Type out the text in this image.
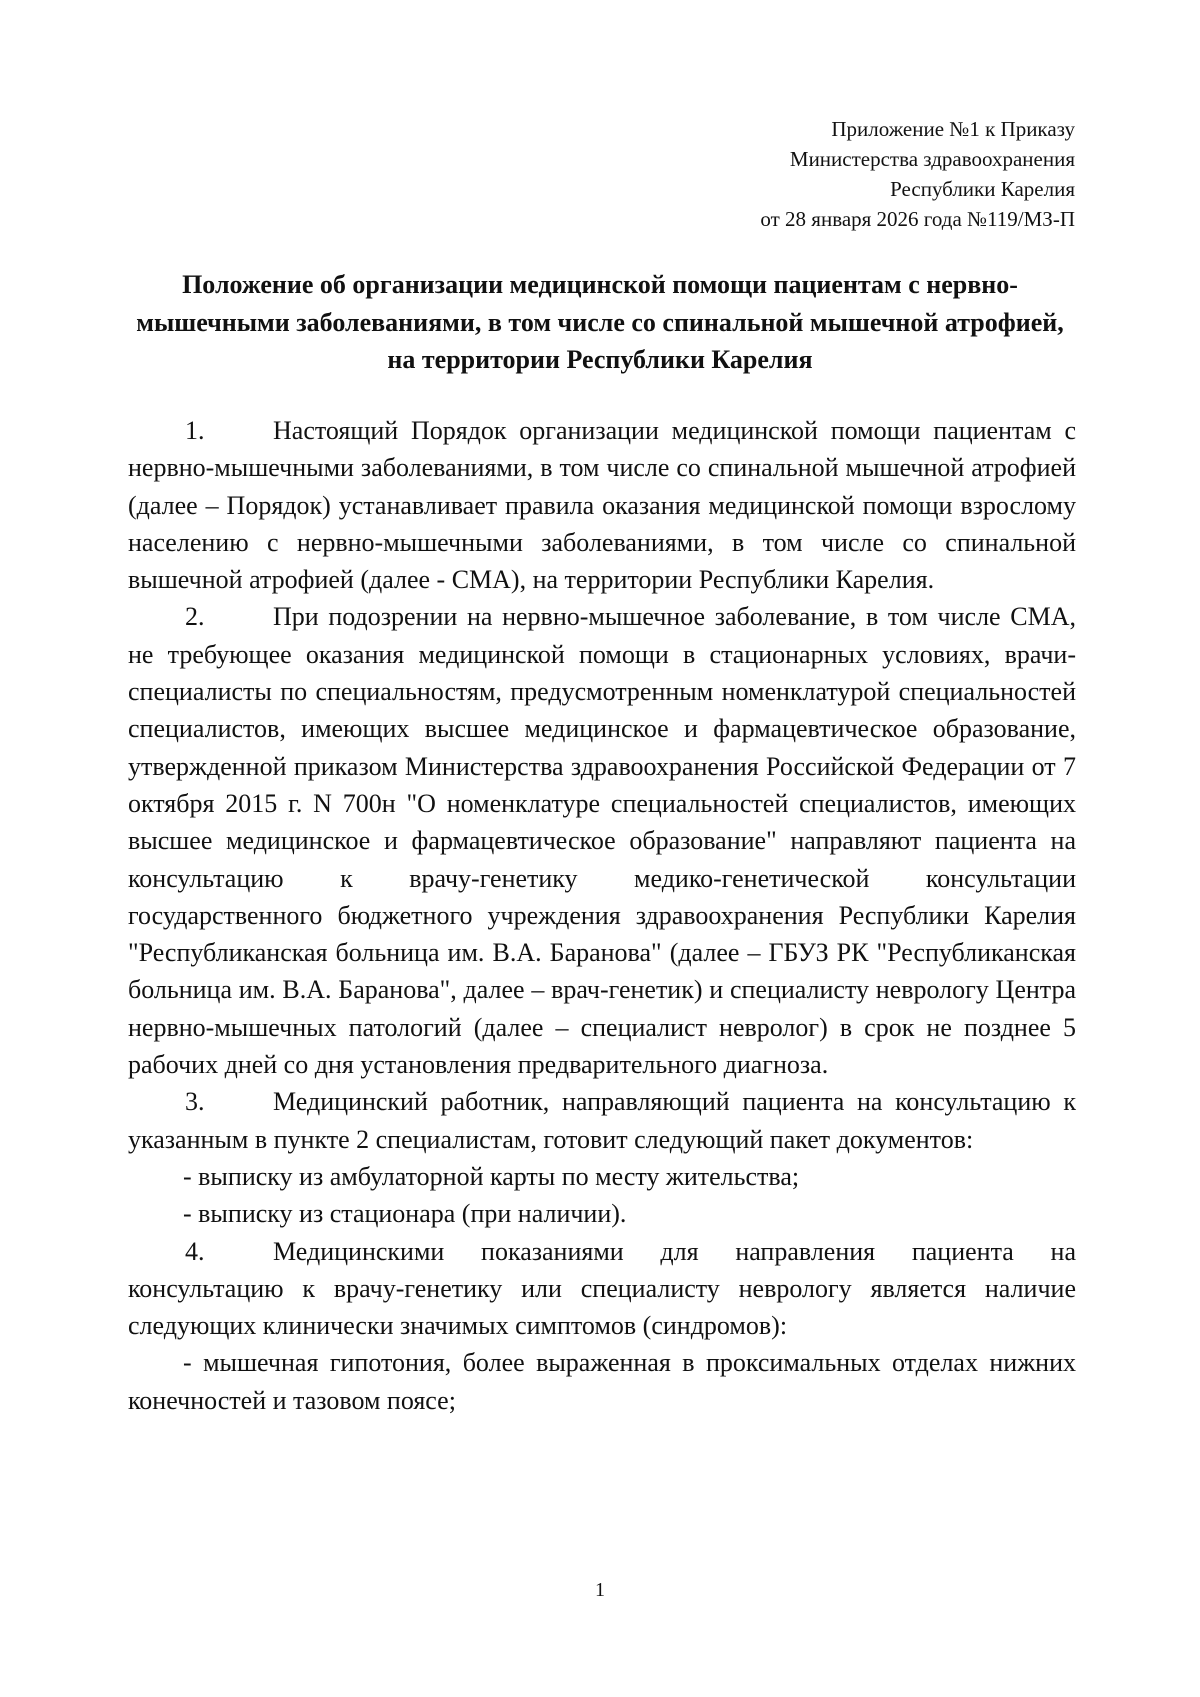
Приложение №1 к Приказу
Министерства здравоохранения
Республики Карелия
от 28 января 2026 года №119/МЗ-П
Положение об организации медицинской помощи пациентам с нервно-мышечными заболеваниями, в том числе со спинальной мышечной атрофией, на территории Республики Карелия

1.	Настоящий Порядок организации медицинской помощи пациентам с нервно-мышечными заболеваниями, в том числе со спинальной мышечной атрофией (далее – Порядок) устанавливает правила оказания медицинской помощи взрослому населению с нервно-мышечными заболеваниями, в том числе со спинальной вышечной атрофией (далее - СМА), на территории Республики Карелия.

2.	При подозрении на нервно-мышечное заболевание, в том числе СМА, не требующее оказания медицинской помощи в стационарных условиях, врачи-специалисты по специальностям, предусмотренным номенклатурой специальностей специалистов, имеющих высшее медицинское и фармацевтическое образование, утвержденной приказом Министерства здравоохранения Российской Федерации от 7 октября 2015 г. N 700н "О номенклатуре специальностей специалистов, имеющих высшее медицинское и фармацевтическое образование" направляют пациента на консультацию к врачу-генетику медико-генетической консультации государственного бюджетного учреждения здравоохранения Республики Карелия "Республиканская больница им. В.А. Баранова" (далее – ГБУЗ РК "Республиканская больница им. В.А. Баранова", далее – врач-генетик) и специалисту неврологу Центра нервно-мышечных патологий (далее – специалист невролог) в срок не позднее 5 рабочих дней со дня установления предварительного диагноза.

3.	Медицинский работник, направляющий пациента на консультацию к указанным в пункте 2 специалистам, готовит следующий пакет документов:

- выписку из амбулаторной карты по месту жительства;

- выписку из стационара (при наличии).

4.	Медицинскими показаниями для направления пациента на консультацию к врачу-генетику или специалисту неврологу является наличие следующих клинически значимых симптомов (синдромов):

- мышечная гипотония, более выраженная в проксимальных отделах нижних конечностей и тазовом поясе;

1
